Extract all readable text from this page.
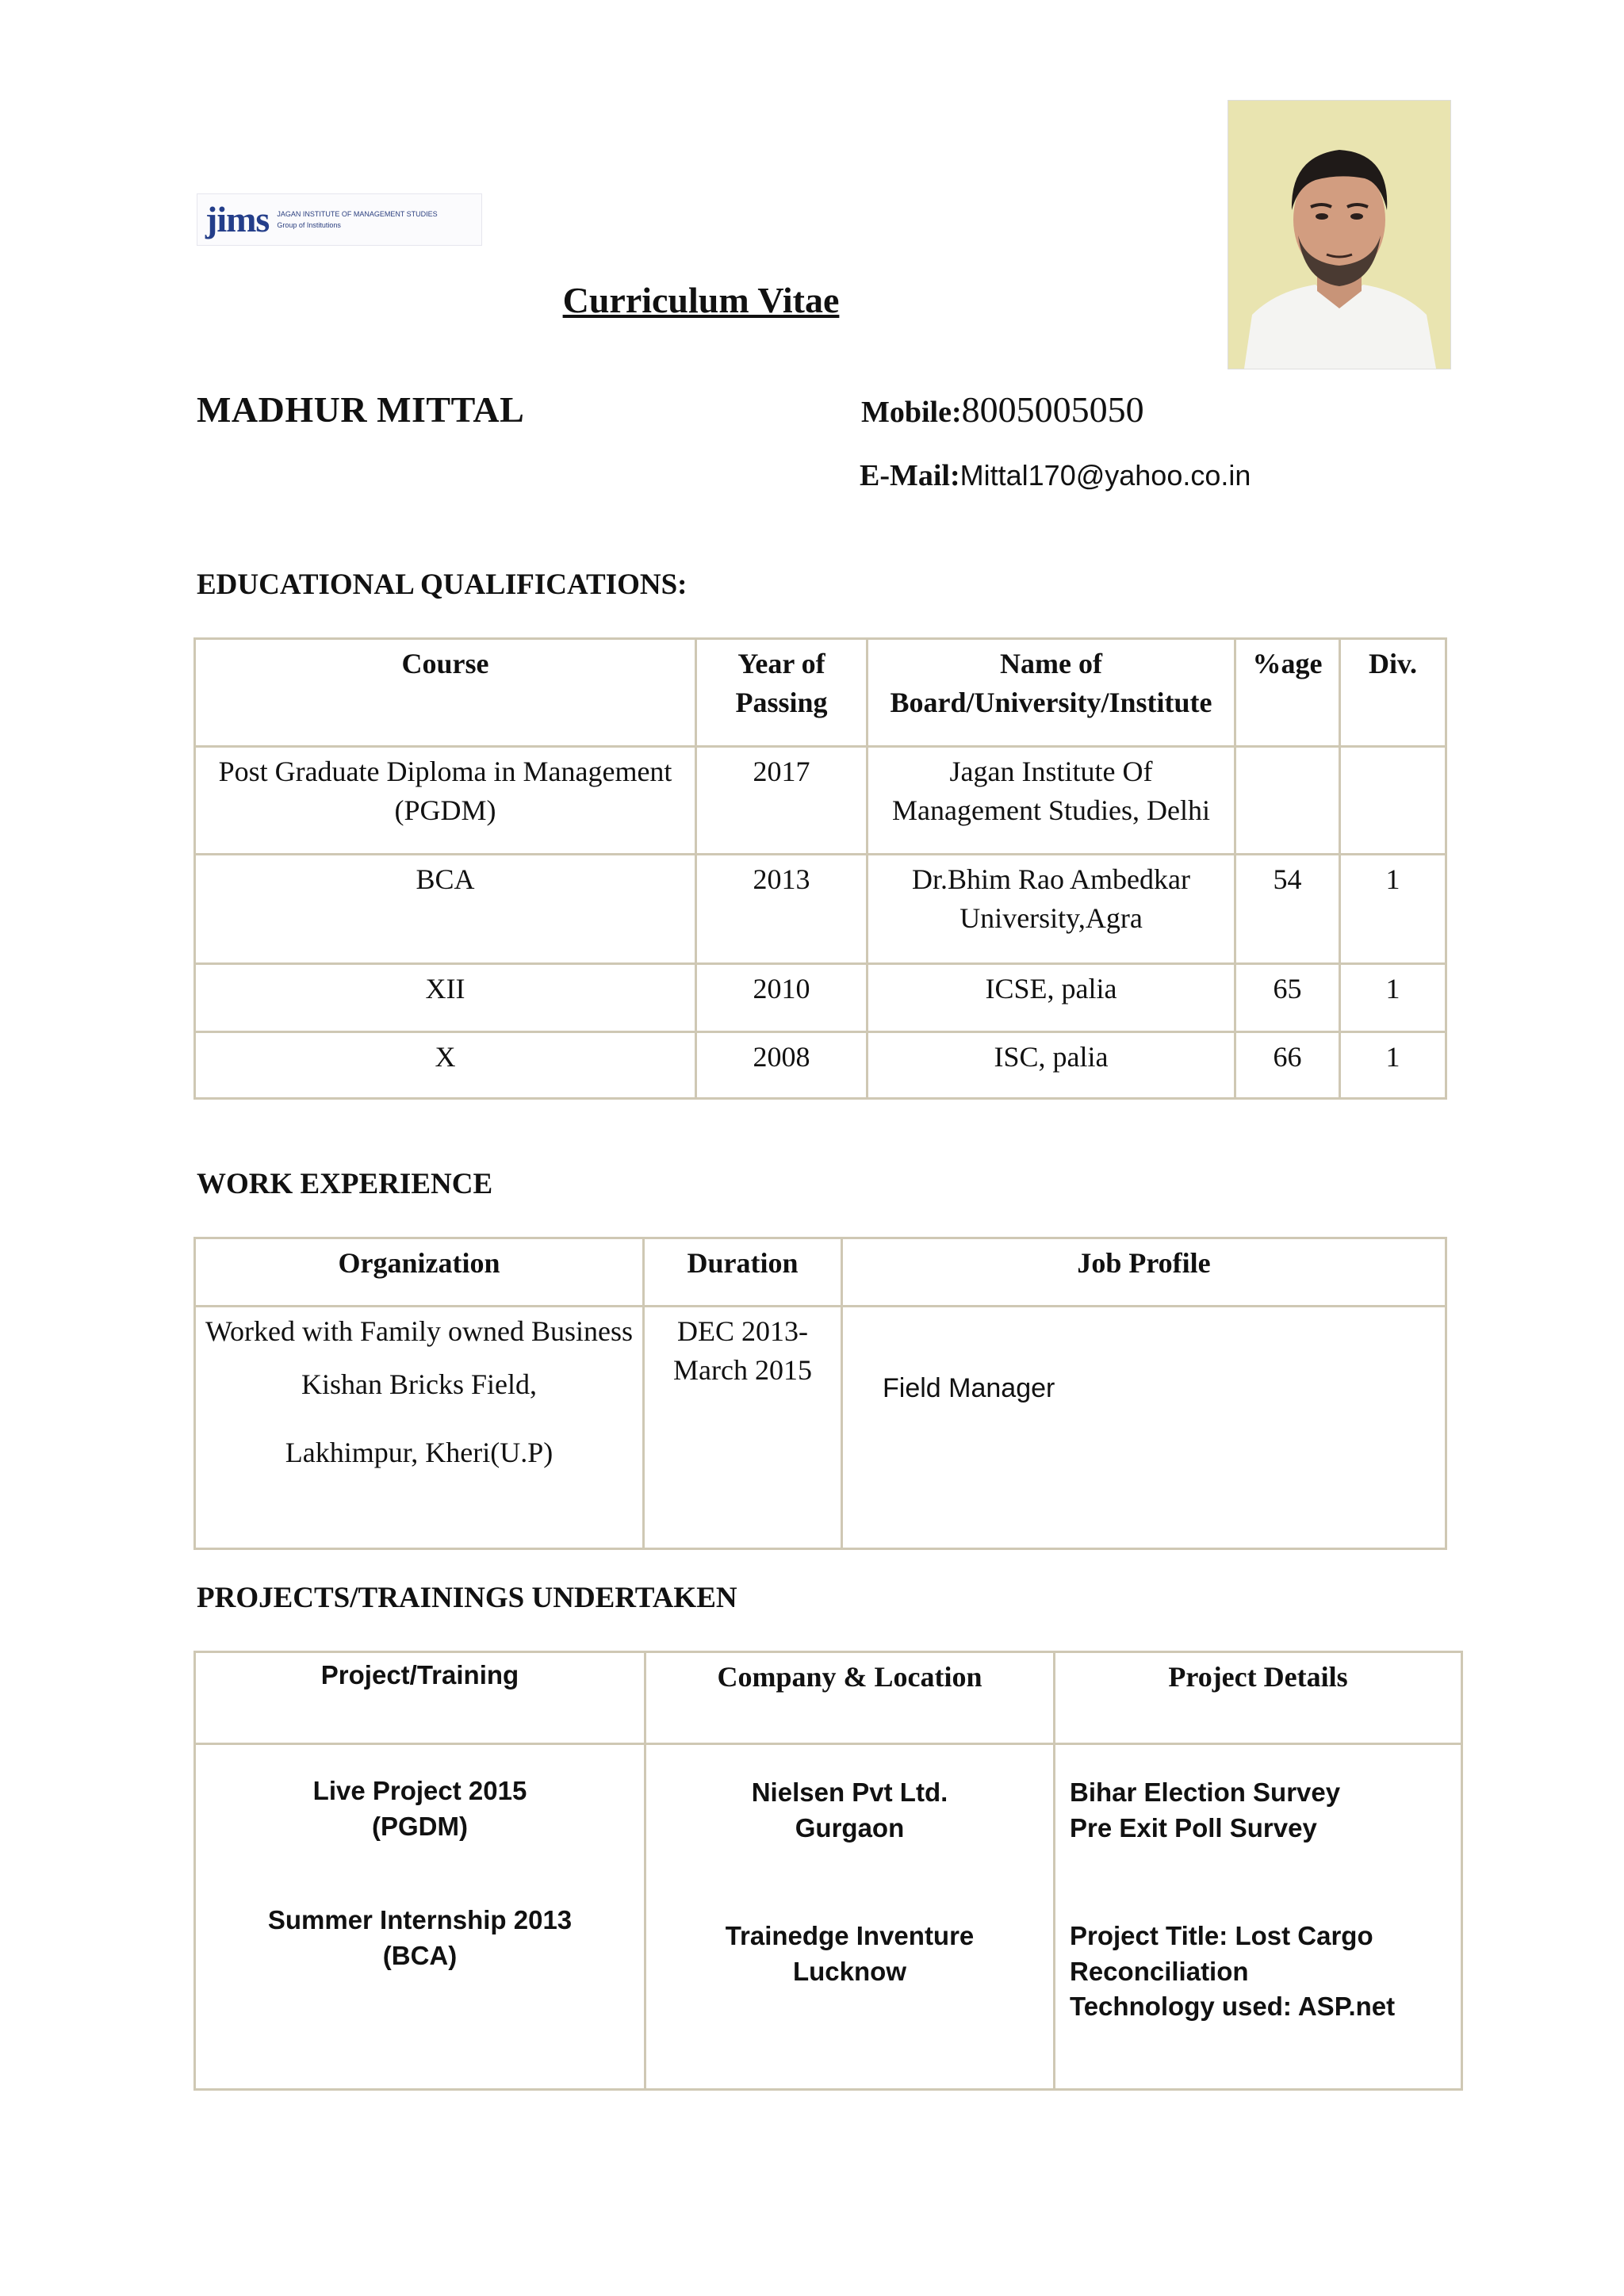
jims JAGAN INSTITUTE OF MANAGEMENT STUDIES
Group of Institutions
Curriculum Vitae
MADHUR MITTAL	Mobile:8005005050
E-Mail:Mittal170@yahoo.co.in
EDUCATIONAL QUALIFICATIONS:
Course	Year of Passing	Name of Board/University/Institute	%age	Div.
Post Graduate Diploma in Management (PGDM)	2017	Jagan Institute Of Management Studies, Delhi		
BCA	2013	Dr.Bhim Rao Ambedkar University,Agra	54	1
XII	2010	ICSE, palia	65	1
X	2008	ISC, palia	66	1
WORK EXPERIENCE
Organization	Duration	Job Profile

Worked with Family owned Business
Kishan Bricks Field,
Lakhimpur, Kheri(U.P)	DEC 2013- March 2015	Field Manager
PROJECTS/TRAININGS UNDERTAKEN
Project/Training	Company & Location	Project Details

Live Project 2015
(PGDM)
Summer Internship 2013
(BCA)	Nielsen Pvt Ltd.
Gurgaon
Trainedge Inventure
Lucknow	Bihar Election Survey
Pre Exit Poll Survey
Project Title: Lost Cargo Reconciliation
Technology used: ASP.net
